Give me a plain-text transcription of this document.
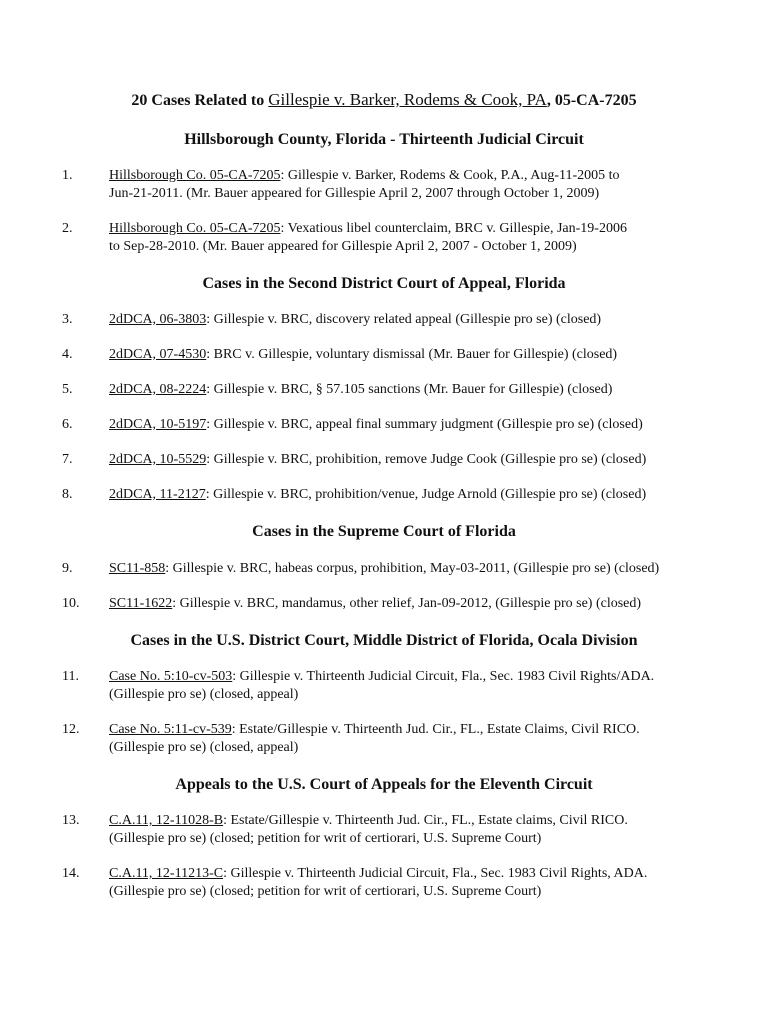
20 Cases Related to Gillespie v. Barker, Rodems & Cook, PA, 05-CA-7205
Hillsborough County, Florida - Thirteenth Judicial Circuit
1.	Hillsborough Co. 05-CA-7205: Gillespie v. Barker, Rodems & Cook, P.A., Aug-11-2005 to
Jun-21-2011. (Mr. Bauer appeared for Gillespie April 2, 2007 through October 1, 2009)
2.	Hillsborough Co. 05-CA-7205: Vexatious libel counterclaim, BRC v. Gillespie, Jan-19-2006
to Sep-28-2010. (Mr. Bauer appeared for Gillespie April 2, 2007 - October 1, 2009)
Cases in the Second District Court of Appeal, Florida
3.	2dDCA, 06-3803: Gillespie v. BRC, discovery related appeal (Gillespie pro se) (closed)
4.	2dDCA, 07-4530: BRC v. Gillespie, voluntary dismissal (Mr. Bauer for Gillespie) (closed)
5.	2dDCA, 08-2224: Gillespie v. BRC, § 57.105 sanctions (Mr. Bauer for Gillespie) (closed)
6.	2dDCA, 10-5197: Gillespie v. BRC, appeal final summary judgment (Gillespie pro se) (closed)
7.	2dDCA, 10-5529: Gillespie v. BRC, prohibition, remove Judge Cook (Gillespie pro se) (closed)
8.	2dDCA, 11-2127: Gillespie v. BRC, prohibition/venue, Judge Arnold (Gillespie pro se) (closed)
Cases in the Supreme Court of Florida
9.	SC11-858: Gillespie v. BRC, habeas corpus, prohibition, May-03-2011, (Gillespie pro se) (closed)
10. SC11-1622: Gillespie v. BRC, mandamus, other relief, Jan-09-2012, (Gillespie pro se) (closed)
Cases in the U.S. District Court, Middle District of Florida, Ocala Division
11. Case No. 5:10-cv-503: Gillespie v. Thirteenth Judicial Circuit, Fla., Sec. 1983 Civil Rights/ADA.
(Gillespie pro se) (closed, appeal)
12. Case No. 5:11-cv-539: Estate/Gillespie v. Thirteenth Jud. Cir., FL., Estate Claims, Civil RICO.
(Gillespie pro se) (closed, appeal)
Appeals to the U.S. Court of Appeals for the Eleventh Circuit
13. C.A.11, 12-11028-B: Estate/Gillespie v. Thirteenth Jud. Cir., FL., Estate claims, Civil RICO.
(Gillespie pro se) (closed; petition for writ of certiorari, U.S. Supreme Court)
14. C.A.11, 12-11213-C: Gillespie v. Thirteenth Judicial Circuit, Fla., Sec. 1983 Civil Rights, ADA.
(Gillespie pro se) (closed; petition for writ of certiorari, U.S. Supreme Court)
